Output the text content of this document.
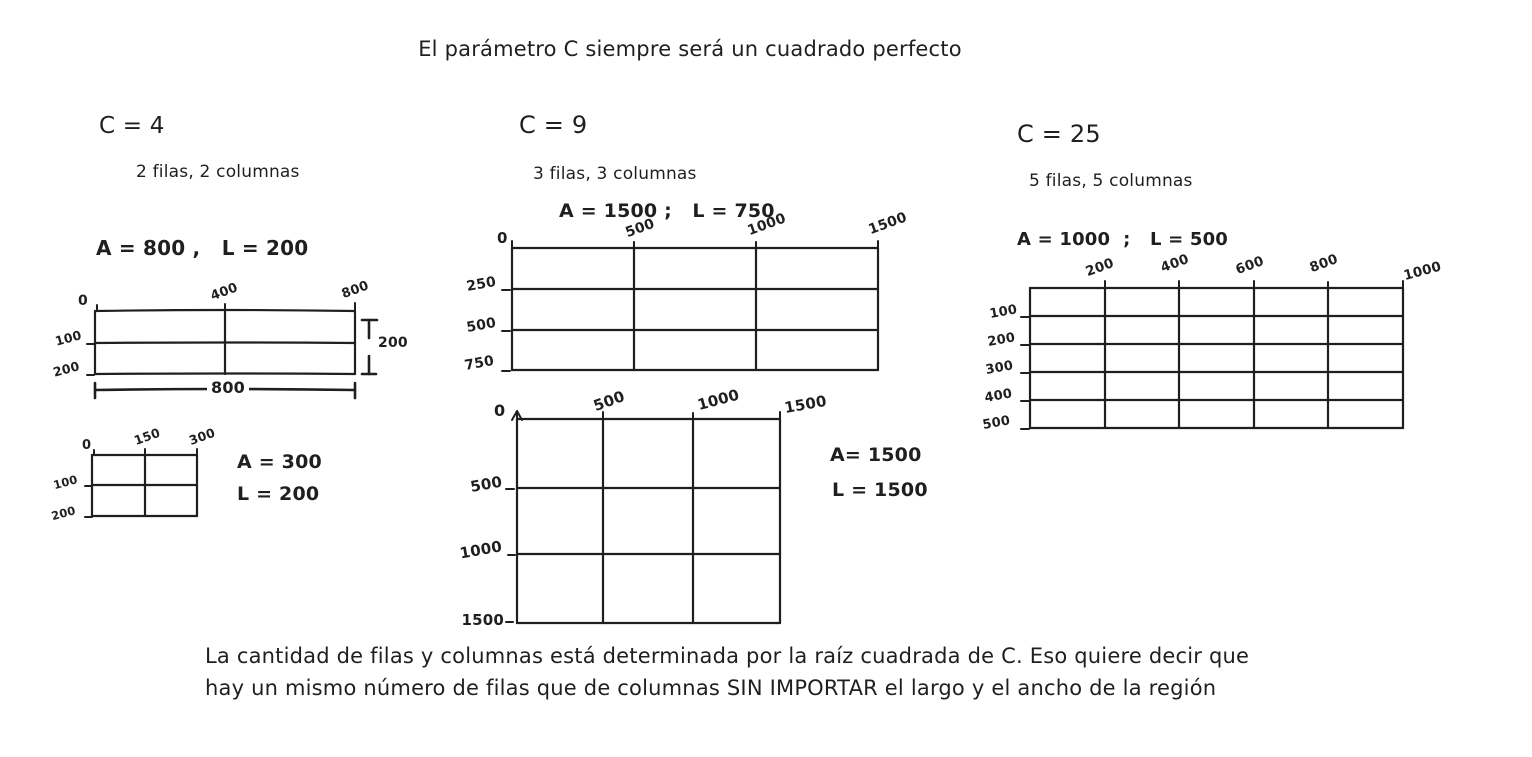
El parámetro C siempre será un cuadrado perfecto
C = 4
2 filas, 2 columnas
A = 800 ,   L = 200
0	400	800
100
200
800
200
0	150 300
100
200
A = 300
L = 200
C = 9
3 filas, 3 columnas
A = 1500 ;   L = 750
0	500	1000	1500
250
500
750
0	500	1000	1500
500
1000
1500
A= 1500
L = 1500
C = 25
5 filas, 5 columnas
A = 1000  ;   L = 500
200	400	600	800	1000
100
200
300
400
500
La cantidad de filas y columnas está determinada por la raíz cuadrada de C. Eso quiere decir que
hay un mismo número de filas que de columnas SIN IMPORTAR el largo y el ancho de la región
